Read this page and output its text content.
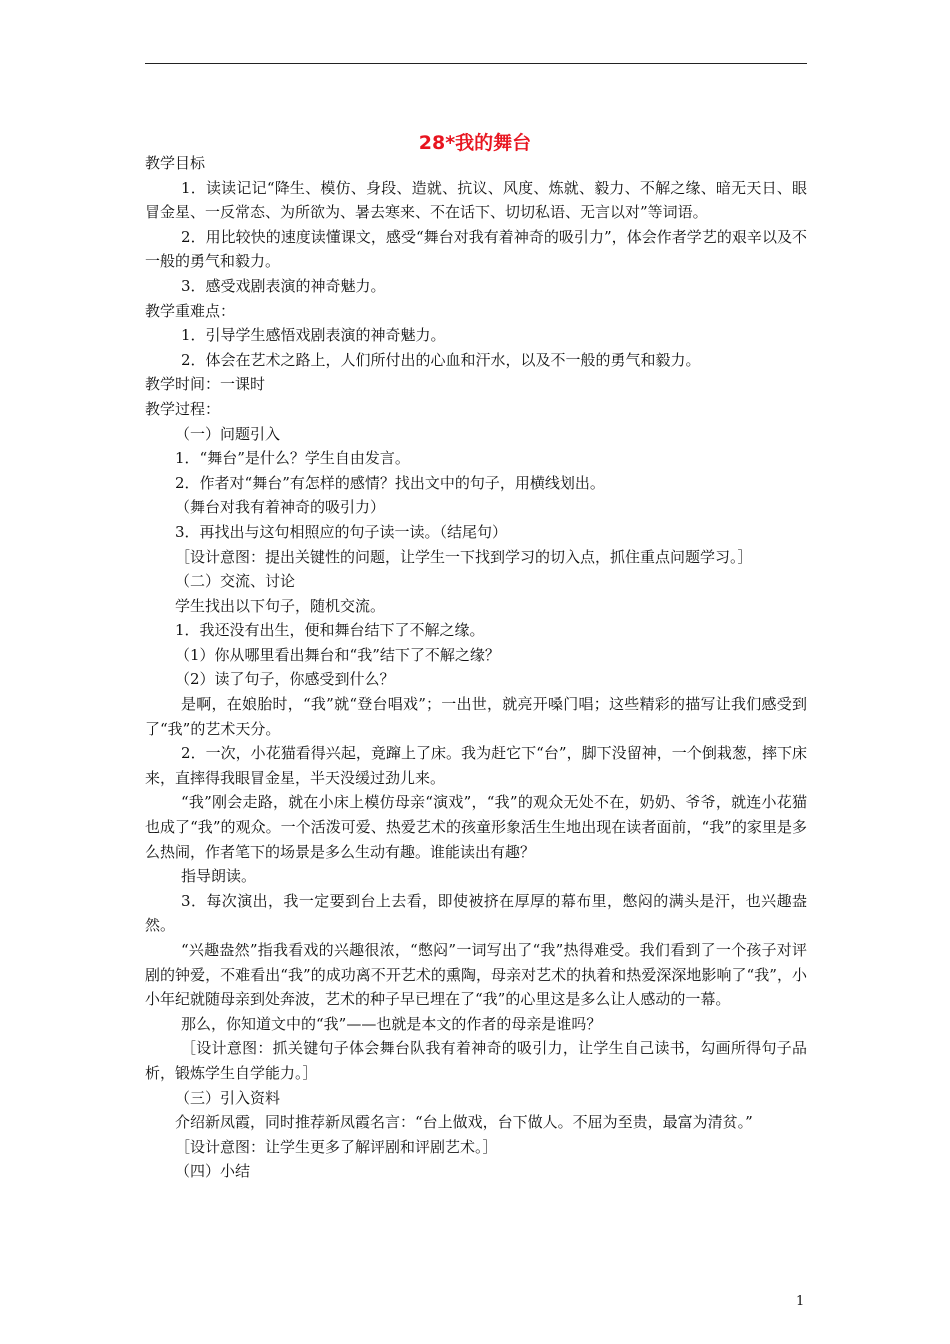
28*我的舞台

教学目标

1．读读记记“降生、模仿、身段、造就、抗议、风度、炼就、毅力、不解之缘、暗无天日、眼冒金星、一反常态、为所欲为、暑去寒来、不在话下、切切私语、无言以对”等词语。

2．用比较快的速度读懂课文，感受“舞台对我有着神奇的吸引力”，体会作者学艺的艰辛以及不一般的勇气和毅力。

3．感受戏剧表演的神奇魅力。

教学重难点：

1．引导学生感悟戏剧表演的神奇魅力。

2．体会在艺术之路上，人们所付出的心血和汗水，以及不一般的勇气和毅力。

教学时间：一课时

教学过程：

（一）问题引入

1．“舞台”是什么？学生自由发言。

2．作者对“舞台”有怎样的感情？找出文中的句子，用横线划出。

（舞台对我有着神奇的吸引力）

3．再找出与这句相照应的句子读一读。（结尾句）

［设计意图：提出关键性的问题，让学生一下找到学习的切入点，抓住重点问题学习。］

（二）交流、讨论

学生找出以下句子，随机交流。

1．我还没有出生，便和舞台结下了不解之缘。

（1）你从哪里看出舞台和“我”结下了不解之缘？

（2）读了句子，你感受到什么？

是啊，在娘胎时，“我”就“登台唱戏”；一出世，就亮开嗓门唱；这些精彩的描写让我们感受到了“我”的艺术天分。

2．一次，小花猫看得兴起，竟蹿上了床。我为赶它下“台”，脚下没留神，一个倒栽葱，摔下床来，直摔得我眼冒金星，半天没缓过劲儿来。

“我”刚会走路，就在小床上模仿母亲“演戏”，“我”的观众无处不在，奶奶、爷爷，就连小花猫也成了“我”的观众。一个活泼可爱、热爱艺术的孩童形象活生生地出现在读者面前，“我”的家里是多么热闹，作者笔下的场景是多么生动有趣。谁能读出有趣？

指导朗读。

3．每次演出，我一定要到台上去看，即使被挤在厚厚的幕布里，憋闷的满头是汗，也兴趣盎然。

“兴趣盎然”指我看戏的兴趣很浓，“憋闷”一词写出了“我”热得难受。我们看到了一个孩子对评剧的钟爱，不难看出“我”的成功离不开艺术的熏陶，母亲对艺术的执着和热爱深深地影响了“我”，小小年纪就随母亲到处奔波，艺术的种子早已埋在了“我”的心里这是多么让人感动的一幕。

那么，你知道文中的“我”——也就是本文的作者的母亲是谁吗？

［设计意图：抓关键句子体会舞台队我有着神奇的吸引力，让学生自己读书，勾画所得句子品析，锻炼学生自学能力。］

（三）引入资料

介绍新凤霞，同时推荐新凤霞名言：“台上做戏，台下做人。不屈为至贵，最富为清贫。”

［设计意图：让学生更多了解评剧和评剧艺术。］

（四）小结

1
